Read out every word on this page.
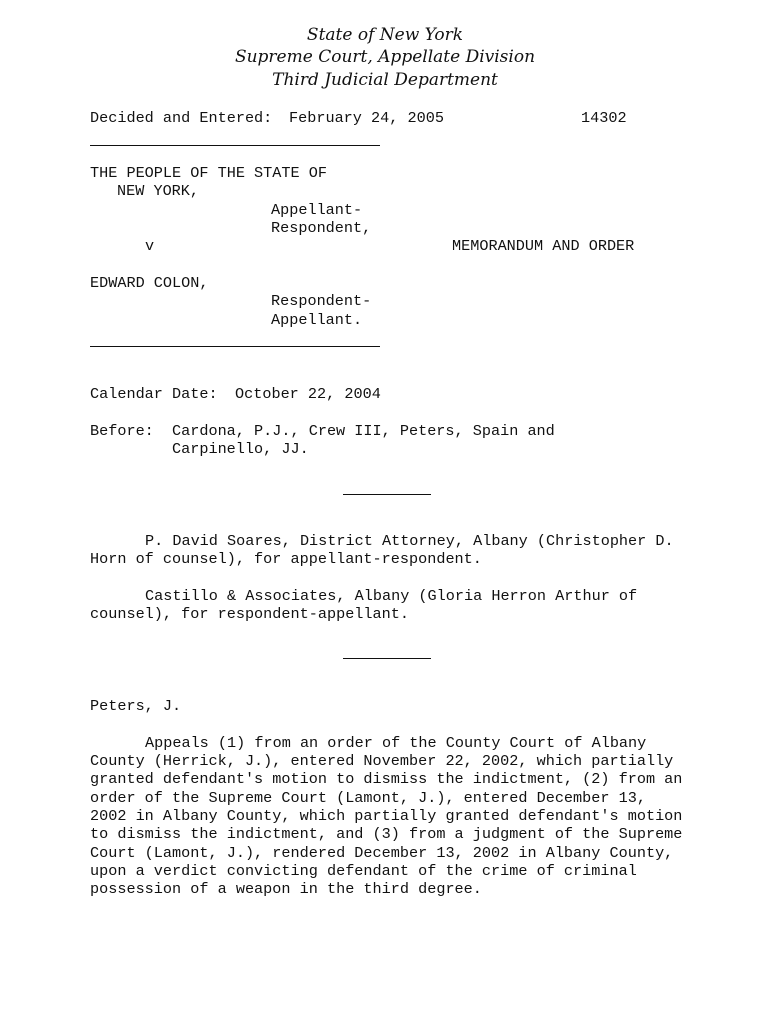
State of New York
Supreme Court, Appellate Division
Third Judicial Department
Decided and Entered: February 24, 2005	14302
THE PEOPLE OF THE STATE OF
NEW YORK,
Appellant-
Respondent,
v	MEMORANDUM AND ORDER
EDWARD COLON,
Respondent-
Appellant.
Calendar Date: October 22, 2004
Before: Cardona, P.J., Crew III, Peters, Spain and
Carpinello, JJ.
P. David Soares, District Attorney, Albany (Christopher D.
Horn of counsel), for appellant-respondent.
Castillo & Associates, Albany (Gloria Herron Arthur of
counsel), for respondent-appellant.
Peters, J.
Appeals (1) from an order of the County Court of Albany
County (Herrick, J.), entered November 22, 2002, which partially
granted defendant's motion to dismiss the indictment, (2) from an
order of the Supreme Court (Lamont, J.), entered December 13,
2002 in Albany County, which partially granted defendant's motion
to dismiss the indictment, and (3) from a judgment of the Supreme
Court (Lamont, J.), rendered December 13, 2002 in Albany County,
upon a verdict convicting defendant of the crime of criminal
possession of a weapon in the third degree.
